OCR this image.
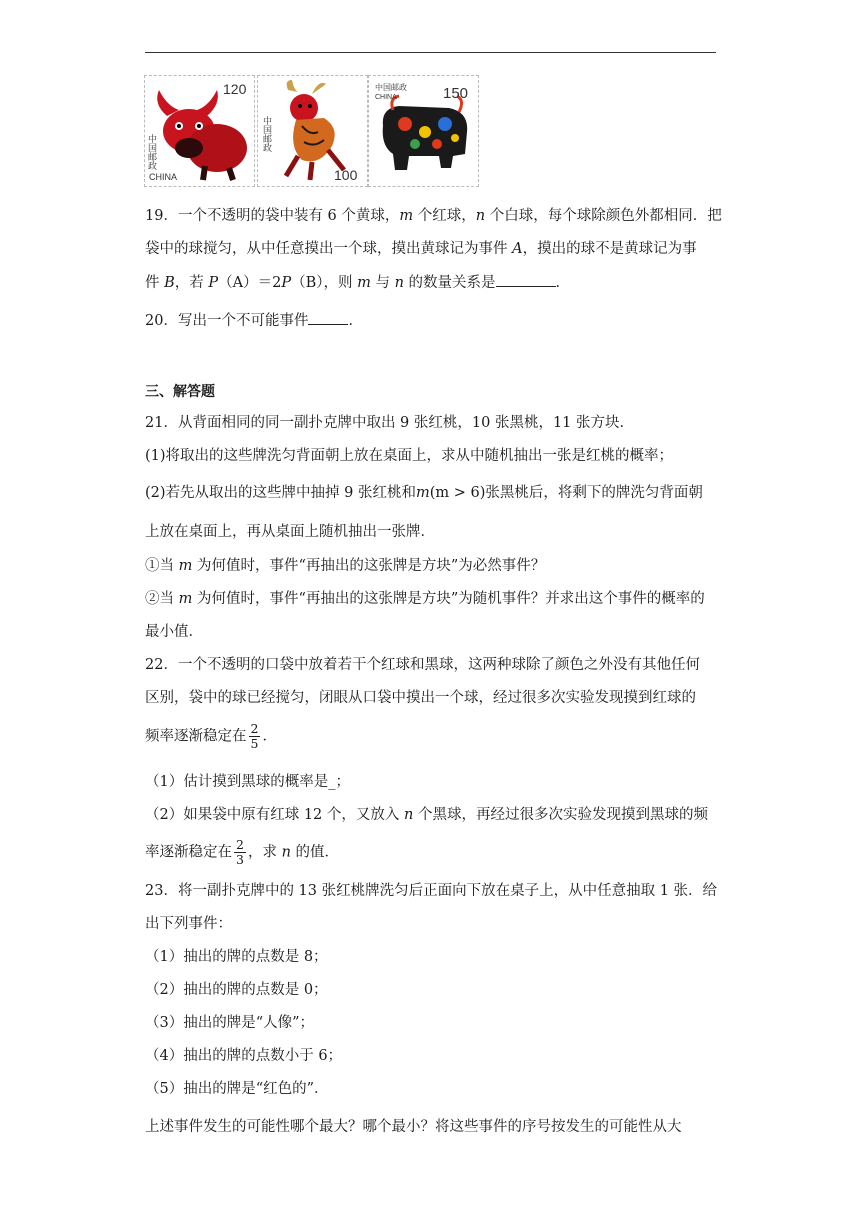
120
中国邮政
CHINA
中国邮政
100
中国邮政
CHINA	150
19．一个不透明的袋中装有 6 个黄球，m 个红球，n 个白球，每个球除颜色外都相同．把
袋中的球搅匀，从中任意摸出一个球，摸出黄球记为事件 A，摸出的球不是黄球记为事
件 B，若 P（A）＝2P（B），则 m 与 n 的数量关系是	．
20．写出一个不可能事件	．
三、解答题
21．从背面相同的同一副扑克牌中取出 9 张红桃，10 张黑桃，11 张方块．
(1)将取出的这些牌洗匀背面朝上放在桌面上，求从中随机抽出一张是红桃的概率；
(2)若先从取出的这些牌中抽掉 9 张红桃和m(m > 6)张黑桃后，将剩下的牌洗匀背面朝
上放在桌面上，再从桌面上随机抽出一张牌．
①当 m 为何值时，事件“再抽出的这张牌是方块”为必然事件？
②当 m 为何值时，事件“再抽出的这张牌是方块”为随机事件？并求出这个事件的概率的
最小值．
22．一个不透明的口袋中放着若干个红球和黑球，这两种球除了颜色之外没有其他任何
区别，袋中的球已经搅匀，闭眼从口袋中摸出一个球，经过很多次实验发现摸到红球的
频率逐渐稳定在 $\frac{2}{5}$ ．
（1）估计摸到黑球的概率是_；
（2）如果袋中原有红球 12 个，又放入 n 个黑球，再经过很多次实验发现摸到黑球的频
率逐渐稳定在 $\frac{2}{3}$ ，求 n 的值．
23．将一副扑克牌中的 13 张红桃牌洗匀后正面向下放在桌子上，从中任意抽取 1 张．给
出下列事件：
（1）抽出的牌的点数是 8；
（2）抽出的牌的点数是 0；
（3）抽出的牌是“人像”；
（4）抽出的牌的点数小于 6；
（5）抽出的牌是“红色的”．
上述事件发生的可能性哪个最大？哪个最小？将这些事件的序号按发生的可能性从大
